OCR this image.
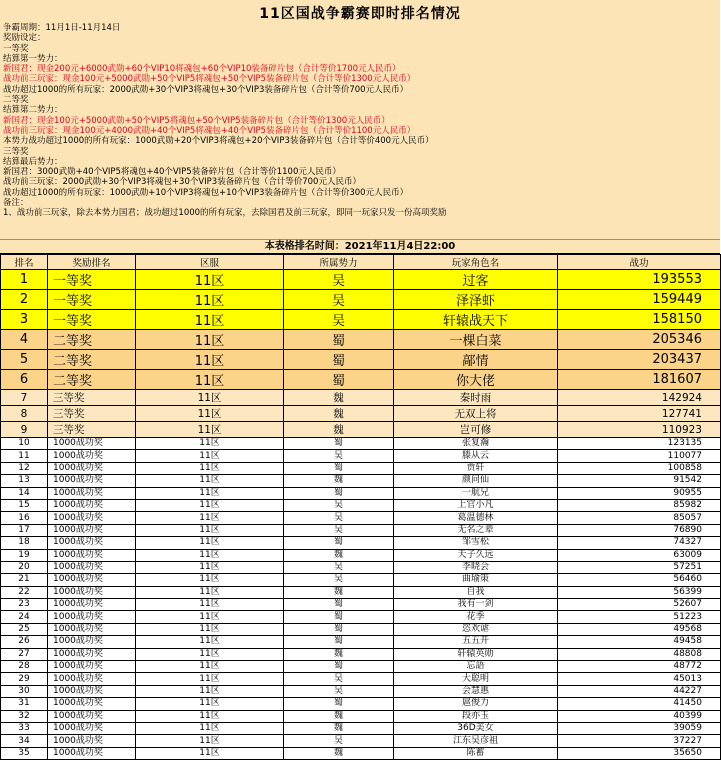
11区国战争霸赛即时排名情况
争霸周期：11月1日-11月14日
奖励设定：
一等奖
结算第一势力：
新国君：现金200元+6000武勋+60个VIP10将魂包+60个VIP10装备碎片包（合计等价1700元人民币）
战功前三玩家：现金100元+5000武勋+50个VIP5将魂包+50个VIP5装备碎片包（合计等价1300元人民币）
战功超过1000的所有玩家：2000武勋+30个VIP3将魂包+30个VIP3装备碎片包（合计等价700元人民币）
二等奖
结算第二势力：
新国君：现金100元+5000武勋+50个VIP5将魂包+50个VIP5装备碎片包（合计等价1300元人民币）
战功前三玩家：现金100元+4000武勋+40个VIP5将魂包+40个VIP5装备碎片包（合计等价1100元人民币）
本势力战功超过1000的所有玩家：1000武勋+20个VIP3将魂包+20个VIP3装备碎片包（合计等价400元人民币）
三等奖
结算最后势力：
新国君：3000武勋+40个VIP5将魂包+40个VIP5装备碎片包（合计等价1100元人民币）
战功前三玩家：2000武勋+30个VIP3将魂包+30个VIP3装备碎片包（合计等价700元人民币）
战功超过1000的所有玩家：1000武勋+10个VIP3将魂包+10个VIP3装备碎片包（合计等价300元人民币）
备注：
1、战功前三玩家，除去本势力国君；战功超过1000的所有玩家，去除国君及前三玩家，即同一玩家只发一份高项奖励
本表格排名时间：2021年11月4日22:00
排名	奖励排名	区服	所属势力	玩家角色名	战功
1	一等奖	11区	吴	过客	193553
2	一等奖	11区	吴	泽泽虾	159449
3	一等奖	11区	吴	轩辕战天下	158150
4	二等奖	11区	蜀	一棵白菜	205346
5	二等奖	11区	蜀	鄗情	203437
6	二等奖	11区	蜀	你大佬	181607
7	三等奖	11区	魏	秦时雨	142924
8	三等奖	11区	魏	无双上将	127741
9	三等奖	11区	魏	岂可修	110923
10	1000战功奖	11区	蜀	张复瀚	123135
11	1000战功奖	11区	吴	滕从云	110077
12	1000战功奖	11区	蜀	贾轩	100858
13	1000战功奖	11区	魏	颜问仙	91542
14	1000战功奖	11区	蜀	一航兄	90955
15	1000战功奖	11区	吴	上官小凡	85982
16	1000战功奖	11区	吴	葛温德林	85057
17	1000战功奖	11区	吴	无名之辈	76890
18	1000战功奖	11区	蜀	邹雪松	74327
19	1000战功奖	11区	魏	天子久远	63009
20	1000战功奖	11区	吴	李晓会	57251
21	1000战功奖	11区	吴	曲瑜策	56460
22	1000战功奖	11区	魏	自我	56399
23	1000战功奖	11区	蜀	我有一剑	52607
24	1000战功奖	11区	蜀	花季	51223
25	1000战功奖	11区	蜀	恣欢谑	49568
26	1000战功奖	11区	蜀	五五开	49458
27	1000战功奖	11区	魏	轩辕英勋	48808
28	1000战功奖	11区	蜀	忘語	48772
29	1000战功奖	11区	吴	大聪明	45013
30	1000战功奖	11区	吴	会慧惠	44227
31	1000战功奖	11区	蜀	扈俊力	41450
32	1000战功奖	11区	魏	段亦玉	40399
33	1000战功奖	11区	魏	36D美女	39059
34	1000战功奖	11区	吴	江东吴彦祖	37227
35	1000战功奖	11区	魏	陈蓄	35650
